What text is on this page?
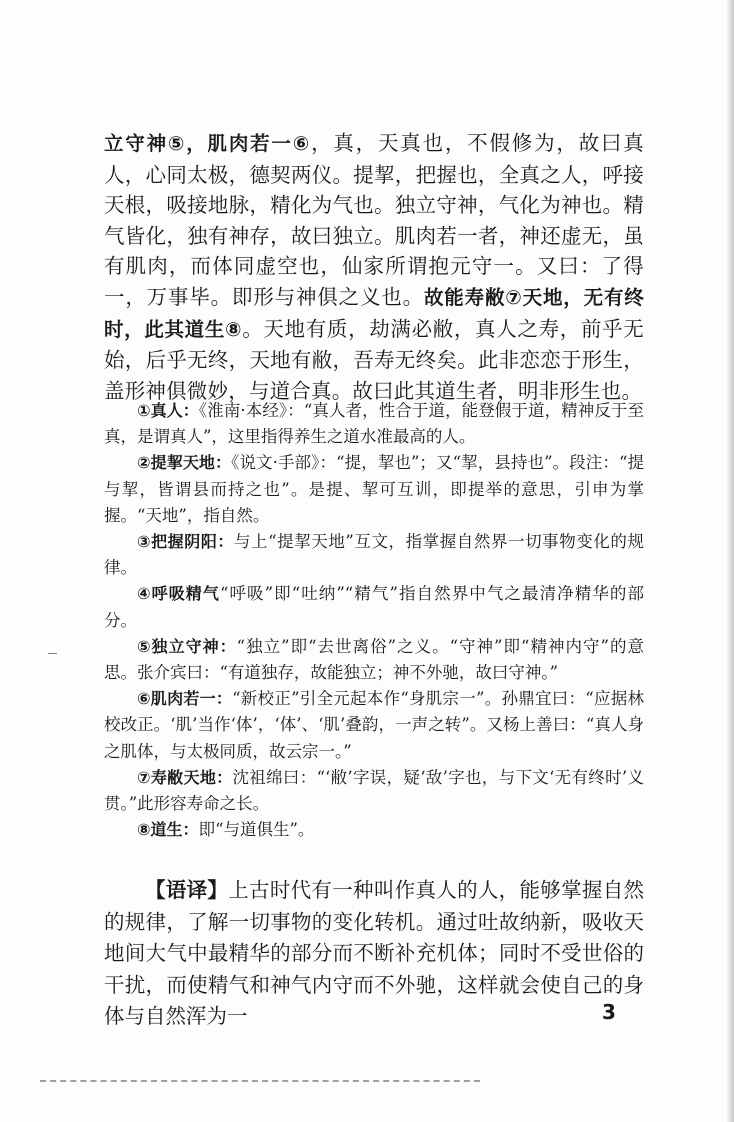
立守神⑤，肌肉若一⑥，真，天真也，不假修为，故曰真人，心同太极，德契两仪。提挈，把握也，全真之人，呼接天根，吸接地脉，精化为气也。独立守神，气化为神也。精气皆化，独有神存，故曰独立。肌肉若一者，神还虚无，虽有肌肉，而体同虚空也，仙家所谓抱元守一。又曰：了得一，万事毕。即形与神俱之义也。故能寿敝⑦天地，无有终时，此其道生⑧。天地有质，劫满必敝，真人之寿，前乎无始，后乎无终，天地有敝，吾寿无终矣。此非恋恋于形生，盖形神俱微妙，与道合真。故曰此其道生者，明非形生也。

①真人：《淮南·本经》：“真人者，性合于道，能登假于道，精神反于至真，是谓真人”，这里指得养生之道水准最高的人。

②提挈天地：《说文·手部》：“提，挈也”；又“挈，县持也”。段注：“提与挈，皆谓县而持之也”。是提、挈可互训，即提举的意思，引申为掌握。“天地”，指自然。

③把握阴阳：与上“提挈天地”互文，指掌握自然界一切事物变化的规律。

④呼吸精气“呼吸”即“吐纳”“精气”指自然界中气之最清净精华的部分。

⑤独立守神：“独立”即“去世离俗”之义。“守神”即“精神内守”的意思。张介宾曰：“有道独存，故能独立；神不外驰，故曰守神。”

⑥肌肉若一：“新校正”引全元起本作“身肌宗一”。孙鼎宜曰：“应据林校改正。‘肌’当作‘体’，‘体’、‘肌’叠韵，一声之转”。又杨上善曰：“真人身之肌体，与太极同质，故云宗一。”

⑦寿敝天地：沈祖绵曰：“‘敝’字误，疑‘敌’字也，与下文‘无有终时’义贯。”此形容寿命之长。

⑧道生：即“与道俱生”。

【语译】上古时代有一种叫作真人的人，能够掌握自然的规律，了解一切事物的变化转机。通过吐故纳新，吸收天地间大气中最精华的部分而不断补充机体；同时不受世俗的干扰，而使精气和神气内守而不外驰，这样就会使自己的身体与自然浑为一	3
